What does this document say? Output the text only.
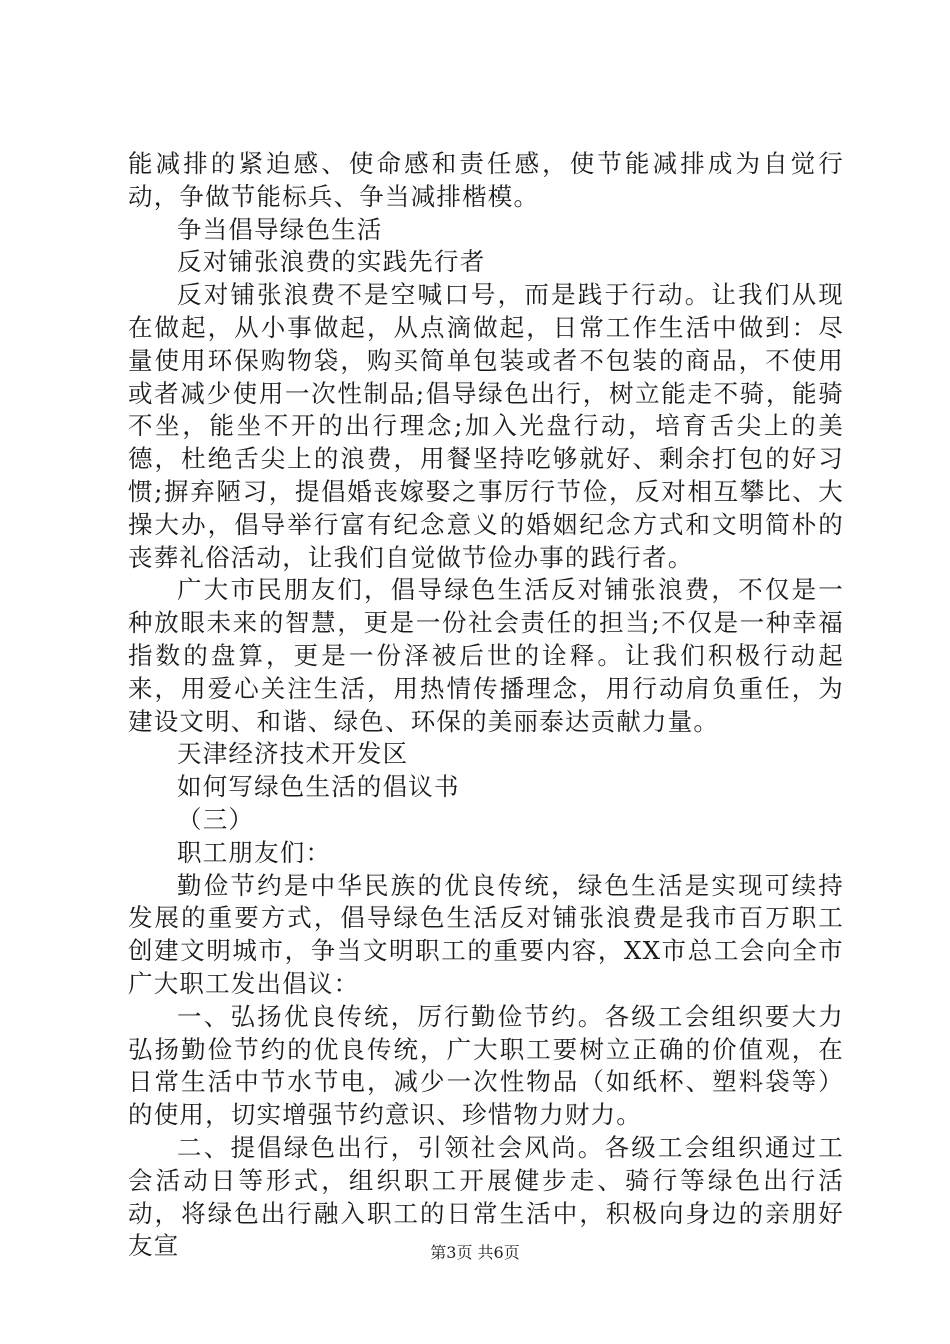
能减排的紧迫感、使命感和责任感，使节能减排成为自觉行动，争做节能标兵、争当减排楷模。

争当倡导绿色生活

反对铺张浪费的实践先行者

反对铺张浪费不是空喊口号，而是践于行动。让我们从现在做起，从小事做起，从点滴做起，日常工作生活中做到：尽量使用环保购物袋，购买简单包装或者不包装的商品，不使用或者减少使用一次性制品;倡导绿色出行，树立能走不骑，能骑不坐，能坐不开的出行理念;加入光盘行动，培育舌尖上的美德，杜绝舌尖上的浪费，用餐坚持吃够就好、剩余打包的好习惯;摒弃陋习，提倡婚丧嫁娶之事厉行节俭，反对相互攀比、大操大办，倡导举行富有纪念意义的婚姻纪念方式和文明简朴的丧葬礼俗活动，让我们自觉做节俭办事的践行者。

广大市民朋友们，倡导绿色生活反对铺张浪费，不仅是一种放眼未来的智慧，更是一份社会责任的担当;不仅是一种幸福指数的盘算，更是一份泽被后世的诠释。让我们积极行动起来，用爱心关注生活，用热情传播理念，用行动肩负重任，为建设文明、和谐、绿色、环保的美丽泰达贡献力量。

天津经济技术开发区

如何写绿色生活的倡议书

（三）

职工朋友们：

勤俭节约是中华民族的优良传统，绿色生活是实现可续持发展的重要方式，倡导绿色生活反对铺张浪费是我市百万职工创建文明城市，争当文明职工的重要内容，XX市总工会向全市广大职工发出倡议：

一、弘扬优良传统，厉行勤俭节约。各级工会组织要大力弘扬勤俭节约的优良传统，广大职工要树立正确的价值观，在日常生活中节水节电，减少一次性物品（如纸杯、塑料袋等）的使用，切实增强节约意识、珍惜物力财力。

二、提倡绿色出行，引领社会风尚。各级工会组织通过工会活动日等形式，组织职工开展健步走、骑行等绿色出行活动，将绿色出行融入职工的日常生活中，积极向身边的亲朋好友宣	第3页 共6页
